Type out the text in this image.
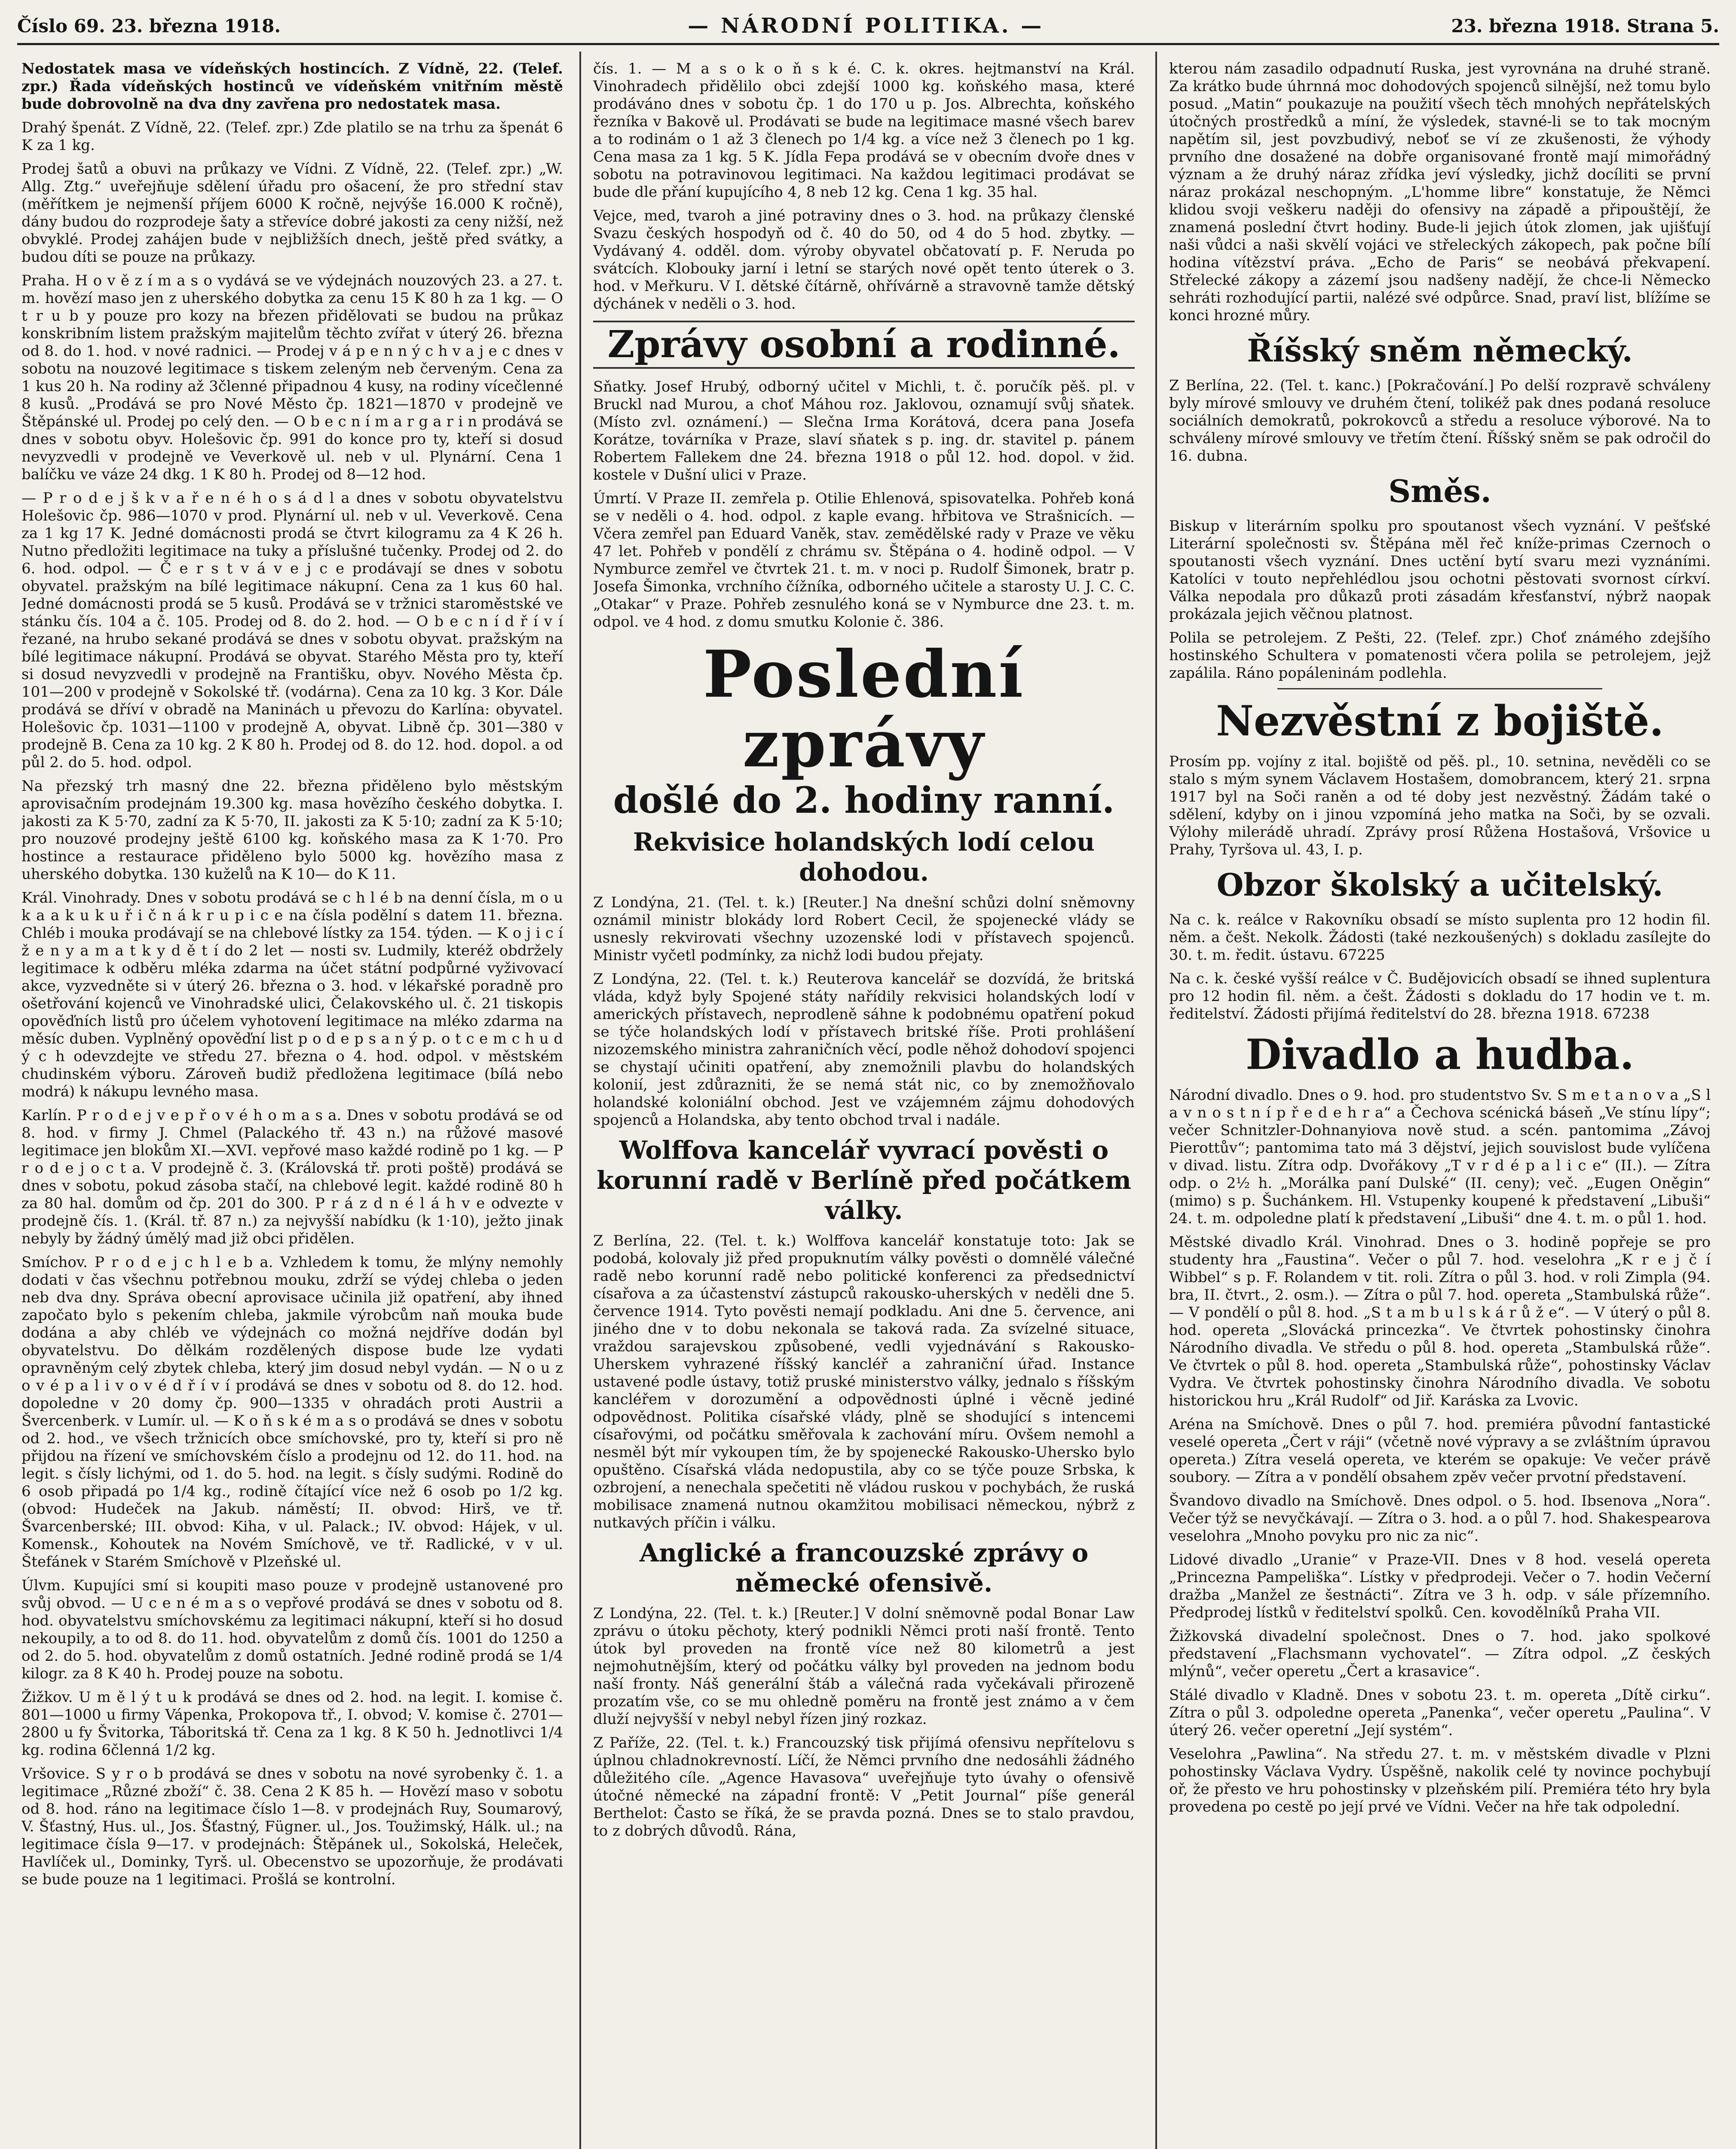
Číslo 69. 23. března 1918.	— NÁRODNÍ POLITIKA. —	23. března 1918. Strana 5.

Nedostatek masa ve vídeňských hostincích. Z Vídně, 22. (Telef. zpr.) Řada vídeňských hostinců ve vídeňském vnitřním městě bude dobrovolně na dva dny zavřena pro nedostatek masa.

Drahý špenát. Z Vídně, 22. (Telef. zpr.) Zde platilo se na trhu za špenát 6 K za 1 kg.

Prodej šatů a obuvi na průkazy ve Vídni. Z Vídně, 22. (Telef. zpr.) „W. Allg. Ztg.“ uveřejňuje sdělení úřadu pro ošacení, že pro střední stav (měřítkem je nejmenší příjem 6000 K ročně, nejvýše 16.000 K ročně), dány budou do rozprodeje šaty a střevíce dobré jakosti za ceny nižší, než obvyklé. Prodej zahájen bude v nejbližších dnech, ještě před svátky, a budou díti se pouze na průkazy.

Praha. H o v ě z í m a s o vydává se ve výdejnách nouzových 23. a 27. t. m. hovězí maso jen z uherského dobytka za cenu 15 K 80 h za 1 kg. — O t r u b y pouze pro kozy na březen přidělovati se budou na průkaz konskribním listem pražským majitelům těchto zvířat v úterý 26. března od 8. do 1. hod. v nové radnici. — Prodej v á p e n n ý c h v a j e c dnes v sobotu na nouzové legitimace s tiskem zeleným neb červeným. Cena za 1 kus 20 h. Na rodiny až 3členné připadnou 4 kusy, na rodiny vícečlenné 8 kusů. „Prodává se pro Nové Město čp. 1821—1870 v prodejně ve Štěpánské ul. Prodej po celý den. — O b e c n í m a r g a r i n prodává se dnes v sobotu obyv. Holešovic čp. 991 do konce pro ty, kteří si dosud nevyzvedli v prodejně ve Veverkově ul. neb v ul. Plynární. Cena 1 balíčku ve váze 24 dkg. 1 K 80 h. Prodej od 8—12 hod.

— P r o d e j š k v a ř e n é h o s á d l a dnes v sobotu obyvatelstvu Holešovic čp. 986—1070 v prod. Plynární ul. neb v ul. Veverkově. Cena za 1 kg 17 K. Jedné domácnosti prodá se čtvrt kilogramu za 4 K 26 h. Nutno předložiti legitimace na tuky a příslušné tučenky. Prodej od 2. do 6. hod. odpol. — Č e r s t v á v e j c e prodávají se dnes v sobotu obyvatel. pražským na bílé legitimace nákupní. Cena za 1 kus 60 hal. Jedné domácnosti prodá se 5 kusů. Prodává se v tržnici staroměstské ve stánku čís. 104 a č. 105. Prodej od 8. do 2. hod. — O b e c n í d ř í v í řezané, na hrubo sekané prodává se dnes v sobotu obyvat. pražským na bílé legitimace nákupní. Prodává se obyvat. Starého Města pro ty, kteří si dosud nevyzvedli v prodejně na Františku, obyv. Nového Města čp. 101—200 v prodejně v Sokolské tř. (vodárna). Cena za 10 kg. 3 Kor. Dále prodává se dříví v obradě na Maninách u převozu do Karlína: obyvatel. Holešovic čp. 1031—1100 v prodejně A, obyvat. Libně čp. 301—380 v prodejně B. Cena za 10 kg. 2 K 80 h. Prodej od 8. do 12. hod. dopol. a od půl 2. do 5. hod. odpol.

Na přezský trh masný dne 22. března přiděleno bylo městským aprovisačním prodejnám 19.300 kg. masa hovězího českého dobytka. I. jakosti za K 5·70, zadní za K 5·70, II. jakosti za K 5·10; zadní za K 5·10; pro nouzové prodejny ještě 6100 kg. koňského masa za K 1·70. Pro hostince a restaurace přiděleno bylo 5000 kg. hovězího masa z uherského dobytka. 130 kuželů na K 10— do K 11.

Král. Vinohrady. Dnes v sobotu prodává se c h l é b na denní čísla, m o u k a a k u k u ř i č n á k r u p i c e na čísla podělní s datem 11. března. Chléb i mouka prodávají se na chlebové lístky za 154. týden. — K o j i c í ž e n y a m a t k y d ě t í do 2 let — nosti sv. Ludmily, kteréž obdržely legitimace k odběru mléka zdarma na účet státní podpůrné vyživovací akce, vyzvedněte si v úterý 26. března o 3. hod. v lékařské poradně pro ošetřování kojenců ve Vinohradské ulici, Čelakovského ul. č. 21 tiskopis opověďních listů pro účelem vyhotovení legitimace na mléko zdarma na měsíc duben. Vyplněný opověďní list p o d e p s a n ý p. o t c e m c h u d ý c h odevzdejte ve středu 27. března o 4. hod. odpol. v městském chudinském výboru. Zároveň budiž předložena legitimace (bílá nebo modrá) k nákupu levného masa.

Karlín. P r o d e j v e p ř o v é h o m a s a. Dnes v sobotu prodává se od 8. hod. v firmy J. Chmel (Palackého tř. 43 n.) na růžové masové legitimace jen blokům XI.—XVI. vepřové maso každé rodině po 1 kg. — P r o d e j o c t a. V prodejně č. 3. (Královská tř. proti poště) prodává se dnes v sobotu, pokud zásoba stačí, na chlebové legit. každé rodině 80 h za 80 hal. domům od čp. 201 do 300. P r á z d n é l á h v e odvezte v prodejně čís. 1. (Král. tř. 87 n.) za nejvyšší nabídku (k 1·10), ježto jinak nebyly by žádný úmělý mad již obci přidělen.

Smíchov. P r o d e j c h l e b a. Vzhledem k tomu, že mlýny nemohly dodati v čas všechnu potřebnou mouku, zdrží se výdej chleba o jeden neb dva dny. Správa obecní aprovisace učinila již opatření, aby ihned započato bylo s pekením chleba, jakmile výrobcům naň mouka bude dodána a aby chléb ve výdejnách co možná nejdříve dodán byl obyvatelstvu. Do dělkám rozdělených dispose bude lze vydati opravněným celý zbytek chleba, který jim dosud nebyl vydán. — N o u z o v é p a l i v o v é d ř í v í prodává se dnes v sobotu od 8. do 12. hod. dopoledne v 20 domy čp. 900—1335 v ohradách proti Austrii a Švercenberk. v Lumír. ul. — K o ň s k é m a s o prodává se dnes v sobotu od 2. hod., ve všech tržnicích obce smíchovské, pro ty, kteří si pro ně přijdou na řízení ve smíchovském číslo a prodejnu od 12. do 11. hod. na legit. s čísly lichými, od 1. do 5. hod. na legit. s čísly sudými. Rodině do 6 osob připadá po 1/4 kg., rodině čítající více než 6 osob po 1/2 kg. (obvod: Hudeček na Jakub. náměstí; II. obvod: Hirš, ve tř. Švarcenberské; III. obvod: Kiha, v ul. Palack.; IV. obvod: Hájek, v ul. Komensk., Kohoutek na Novém Smíchově, ve tř. Radlické, v v ul. Štefánek v Starém Smíchově v Plzeňské ul.

Úlvm. Kupujíci smí si koupiti maso pouze v prodejně ustanovené pro svůj obvod. — U c e n é m a s o vepřové prodává se dnes v sobotu od 8. hod. obyvatelstvu smíchovskému za legitimaci nákupní, kteří si ho dosud nekoupily, a to od 8. do 11. hod. obyvatelům z domů čís. 1001 do 1250 a od 2. do 5. hod. obyvatelům z domů ostatních. Jedné rodině prodá se 1/4 kilogr. za 8 K 40 h. Prodej pouze na sobotu.

Žižkov. U m ě l ý t u k prodává se dnes od 2. hod. na legit. I. komise č. 801—1000 u firmy Vápenka, Prokopova tř., I. obvod; V. komise č. 2701—2800 u fy Švitorka, Táboritská tř. Cena za 1 kg. 8 K 50 h. Jednotlivci 1/4 kg. rodina 6členná 1/2 kg.

Vršovice. S y r o b prodává se dnes v sobotu na nové syrobenky č. 1. a legitimace „Různé zboží“ č. 38. Cena 2 K 85 h. — Hovězí maso v sobotu od 8. hod. ráno na legitimace číslo 1—8. v prodejnách Ruy, Soumarový, V. Šťastný, Hus. ul., Jos. Šťastný, Fügner. ul., Jos. Toužimský, Hálk. ul.; na legitimace čísla 9—17. v prodejnách: Štěpánek ul., Sokolská, Heleček, Havlíček ul., Dominky, Tyrš. ul. Obecenstvo se upozorňuje, že prodávati se bude pouze na 1 legitimaci. Prošlá se kontrolní.

čís. 1. — M a s o k o ň s k é. C. k. okres. hejtmanství na Král. Vinohradech přidělilo obci zdejší 1000 kg. koňského masa, které prodáváno dnes v sobotu čp. 1 do 170 u p. Jos. Albrechta, koňského řezníka v Bakově ul. Prodávati se bude na legitimace masné všech barev a to rodinám o 1 až 3 členech po 1/4 kg. a více než 3 členech po 1 kg. Cena masa za 1 kg. 5 K. Jídla Fepa prodává se v obecním dvoře dnes v sobotu na potravinovou legitimaci. Na každou legitimaci prodávat se bude dle přání kupujícího 4, 8 neb 12 kg. Cena 1 kg. 35 hal.

Vejce, med, tvaroh a jiné potraviny dnes o 3. hod. na průkazy členské Svazu českých hospodyň od č. 40 do 50, od 4 do 5 hod. zbytky. — Vydávaný 4. odděl. dom. výroby obyvatel občatovatí p. F. Neruda po svátcích. Klobouky jarní i letní se starých nové opět tento úterek o 3. hod. v Meřkuru. V I. dětské čítárně, ohřívárně a stravovně tamže dětský dýchánek v neděli o 3. hod.

Zprávy osobní a rodinné.

Sňatky. Josef Hrubý, odborný učitel v Michli, t. č. poručík pěš. pl. v Bruckl nad Murou, a choť Máhou roz. Jaklovou, oznamují svůj sňatek. (Místo zvl. oznámení.) — Slečna Irma Korátová, dcera pana Josefa Korátze, továrníka v Praze, slaví sňatek s p. ing. dr. stavitel p. pánem Robertem Fallekem dne 24. března 1918 o půl 12. hod. dopol. v žid. kostele v Dušní ulici v Praze.

Úmrtí. V Praze II. zemřela p. Otilie Ehlenová, spisovatelka. Pohřeb koná se v neděli o 4. hod. odpol. z kaple evang. hřbitova ve Strašnicích. — Včera zemřel pan Eduard Vaněk, stav. zemědělské rady v Praze ve věku 47 let. Pohřeb v pondělí z chrámu sv. Štěpána o 4. hodině odpol. — V Nymburce zemřel ve čtvrtek 21. t. m. v noci p. Rudolf Šimonek, bratr p. Josefa Šimonka, vrchního čížníka, odborného učitele a starosty U. J. C. C. „Otakar“ v Praze. Pohřeb zesnulého koná se v Nymburce dne 23. t. m. odpol. ve 4 hod. z domu smutku Kolonie č. 386.

Poslední zprávy
došlé do 2. hodiny ranní.
Rekvisice holandských lodí celou dohodou.

Z Londýna, 21. (Tel. t. k.) [Reuter.] Na dnešní schůzi dolní sněmovny oznámil ministr blokády lord Robert Cecil, že spojenecké vlády se usnesly rekvirovati všechny uzozenské lodi v přístavech spojenců. Ministr vyčetl podmínky, za nichž lodi budou přejaty.

Z Londýna, 22. (Tel. t. k.) Reuterova kancelář se dozvídá, že britská vláda, když byly Spojené státy nařídily rekvisici holandských lodí v amerických přístavech, neprodleně sáhne k podobnému opatření pokud se týče holandských lodí v přístavech britské říše. Proti prohlášení nizozemského ministra zahraničních věcí, podle něhož dohodoví spojenci se chystají učiniti opatření, aby znemožnili plavbu do holandských kolonií, jest zdůrazniti, že se nemá stát nic, co by znemožňovalo holandské koloniální obchod. Jest ve vzájemném zájmu dohodových spojenců a Holandska, aby tento obchod trval i nadále.

Wolffova kancelář vyvrací pověsti o korunní radě v Berlíně před počátkem války.

Z Berlína, 22. (Tel. t. k.) Wolffova kancelář konstatuje toto: Jak se podobá, kolovaly již před propuknutím války pověsti o domnělé válečné radě nebo korunní radě nebo politické konferenci za předsednictví císařova a za účastenství zástupců rakousko-uherských v neděli dne 5. července 1914. Tyto pověsti nemají podkladu. Ani dne 5. července, ani jiného dne v to dobu nekonala se taková rada. Za svízelné situace, vraždou sarajevskou způsobené, vedli vyjednávání s Rakousko-Uherskem vyhrazené říšský kancléř a zahraniční úřad. Instance ustavené podle ústavy, totiž pruské ministerstvo války, jednalo s říšským kancléřem v dorozumění a odpovědnosti úplné i věcně jediné odpovědnost. Politika císařské vlády, plně se shodující s intencemi císařovými, od počátku směřovala k zachování míru. Ovšem nemohl a nesměl být mír vykoupen tím, že by spojenecké Rakousko-Uhersko bylo opuštěno. Císařská vláda nedopustila, aby co se týče pouze Srbska, k ozbrojení, a nenechala spečetiti ně vládou ruskou v pochybách, že ruská mobilisace znamená nutnou okamžitou mobilisaci německou, nýbrž z nutkavých příčin i válku.

Anglické a francouzské zprávy o německé ofensivě.

Z Londýna, 22. (Tel. t. k.) [Reuter.] V dolní sněmovně podal Bonar Law zprávu o útoku pěchoty, který podnikli Němci proti naší frontě. Tento útok byl proveden na frontě více než 80 kilometrů a jest nejmohutnějším, který od počátku války byl proveden na jednom bodu naší fronty. Náš generální štáb a válečná rada vyčekávali přirozeně prozatím vše, co se mu ohledně poměru na frontě jest známo a v čem dluží nejvyšší v nebyl nebyl řízen jiný rozkaz.

Z Paříže, 22. (Tel. t. k.) Francouzský tisk přijímá ofensivu nepřítelovu s úplnou chladnokrevností. Líčí, že Němci prvního dne nedosáhli žádného důležitého cíle. „Agence Havasova“ uveřejňuje tyto úvahy o ofensivě útočné německé na západní frontě: V „Petit Journal“ píše generál Berthelot: Často se říká, že se pravda pozná. Dnes se to stalo pravdou, to z dobrých důvodů. Rána,

kterou nám zasadilo odpadnutí Ruska, jest vyrovnána na druhé straně. Za krátko bude úhrnná moc dohodových spojenců silnější, než tomu bylo posud. „Matin“ poukazuje na použití všech těch mnohých nepřátelských útočných prostředků a míní, že výsledek, stavné-li se to tak mocným napětím sil, jest povzbudivý, neboť se ví ze zkušenosti, že výhody prvního dne dosažené na dobře organisované frontě mají mimořádný význam a že druhý náraz zřídka jeví výsledky, jichž docíliti se první náraz prokázal neschopným. „L'homme libre“ konstatuje, že Němci klidou svoji veškeru naději do ofensivy na západě a připouštějí, že znamená poslední čtvrt hodiny. Bude-li jejich útok zlomen, jak ujišťují naši vůdci a naši skvělí vojáci ve střeleckých zákopech, pak počne bílí hodina vítězství práva. „Echo de Paris“ se neobává překvapení. Střelecké zákopy a zázemí jsou nadšeny nadějí, že chce-li Německo sehráti rozhodující partii, nalézé své odpůrce. Snad, praví list, blížíme se konci hrozné můry.

Říšský sněm německý.

Z Berlína, 22. (Tel. t. kanc.) [Pokračování.] Po delší rozpravě schváleny byly mírové smlouvy ve druhém čtení, tolikéž pak dnes podaná resoluce sociálních demokratů, pokrokovců a středu a resoluce výborové. Na to schváleny mírové smlouvy ve třetím čtení. Říšský sněm se pak odročil do 16. dubna.

Směs.

Biskup v literárním spolku pro spoutanost všech vyznání. V pešťské Literární společnosti sv. Štěpána měl řeč kníže-primas Czernoch o spoutanosti všech vyznání. Dnes uctění bytí svaru mezi vyznáními. Katolíci v touto nepřehlédlou jsou ochotni pěstovati svornost církví. Válka nepodala pro důkazů proti zásadám křesťanství, nýbrž naopak prokázala jejich věčnou platnost.

Polila se petrolejem. Z Pešti, 22. (Telef. zpr.) Choť známého zdejšího hostinského Schultera v pomatenosti včera polila se petrolejem, jejž zapálila. Ráno popáleninám podlehla.

Nezvěstní z bojiště.

Prosím pp. vojíny z ital. bojiště od pěš. pl., 10. setnina, nevěděli co se stalo s mým synem Václavem Hostašem, domobrancem, který 21. srpna 1917 byl na Soči raněn a od té doby jest nezvěstný. Žádám také o sdělení, kdyby on i jinou vzpomíná jeho matka na Soči, by se ozvali. Výlohy milerádě uhradí. Zprávy prosí Růžena Hostašová, Vršovice u Prahy, Tyršova ul. 43, I. p.

Obzor školský a učitelský.

Na c. k. reálce v Rakovníku obsadí se místo suplenta pro 12 hodin fil. něm. a češt. Nekolk. Žádosti (také nezkoušených) s dokladu zasílejte do 30. t. m. ředit. ústavu. 67225

Na c. k. české vyšší reálce v Č. Budějovicích obsadí se ihned suplentura pro 12 hodin fil. něm. a češt. Žádosti s dokladu do 17 hodin ve t. m. ředitelství. Žádosti přijímá ředitelství do 28. března 1918. 67238

Divadlo a hudba.

Národní divadlo. Dnes o 9. hod. pro studentstvo Sv. S m e t a n o v a „S l a v n o s t n í p ř e d e h r a“ a Čechova scénická báseň „Ve stínu lípy“; večer Schnitzler-Dohnanyiova nově stud. a scén. pantomima „Závoj Pierottův“; pantomima tato má 3 dějství, jejich souvislost bude vylíčena v divad. listu. Zítra odp. Dvořákovy „T v r d é p a l i c e“ (II.). — Zítra odp. o 2½ h. „Morálka paní Dulské“ (II. ceny); več. „Eugen Oněgin“ (mimo) s p. Šuchánkem. Hl. Vstupenky koupené k představení „Libuši“ 24. t. m. odpoledne platí k představení „Libuši“ dne 4. t. m. o půl 1. hod.

Městské divadlo Král. Vinohrad. Dnes o 3. hodině popřeje se pro studenty hra „Faustina“. Večer o půl 7. hod. veselohra „K r e j č í Wibbel“ s p. F. Rolandem v tit. roli. Zítra o půl 3. hod. v roli Zimpla (94. bra, II. čtvrt., 2. osm.). — Zítra o půl 7. hod. opereta „Stambulská růže“. — V pondělí o půl 8. hod. „S t a m b u l s k á r ů ž e“. — V úterý o půl 8. hod. opereta „Slovácká princezka“. Ve čtvrtek pohostinsky činohra Národního divadla. Ve středu o půl 8. hod. opereta „Stambulská růže“. Ve čtvrtek o půl 8. hod. opereta „Stambulská růže“, pohostinsky Václav Vydra. Ve čtvrtek pohostinsky činohra Národního divadla. Ve sobotu historickou hru „Král Rudolf“ od Jiř. Karáska za Lvovic.

Aréna na Smíchově. Dnes o půl 7. hod. premiéra původní fantastické veselé opereta „Čert v ráji“ (včetně nové výpravy a se zvláštním úpravou opereta.) Zítra veselá opereta, ve kterém se opakuje: Ve večer právě soubory. — Zítra a v pondělí obsahem zpěv večer prvotní představení.

Švandovo divadlo na Smíchově. Dnes odpol. o 5. hod. Ibsenova „Nora“. Večer týž se nevyčkávají. — Zítra o 3. hod. a o půl 7. hod. Shakespearova veselohra „Mnoho povyku pro nic za nic“.

Lidové divadlo „Uranie“ v Praze-VII. Dnes v 8 hod. veselá opereta „Princezna Pampeliška“. Lístky v předprodeji. Večer o 7. hodin Večerní dražba „Manžel ze šestnácti“. Zítra ve 3 h. odp. v sále přízemního. Předprodej lístků v ředitelství spolků. Cen. kovodělníků Praha VII.

Žižkovská divadelní společnost. Dnes o 7. hod. jako spolkové představení „Flachsmann vychovatel“. — Zítra odpol. „Z českých mlýnů“, večer operetu „Čert a krasavice“.

Stálé divadlo v Kladně. Dnes v sobotu 23. t. m. opereta „Dítě cirku“. Zítra o půl 3. odpoledne opereta „Panenka“, večer operetu „Paulina“. V úterý 26. večer operetní „Její systém“.

Veselohra „Pawlina“. Na středu 27. t. m. v městském divadle v Plzni pohostinsky Václava Vydry. Úspěšně, nakolik celé ty novince pochybují oř, že přesto ve hru pohostinsky v plzeňském pilí. Premiéra této hry byla provedena po cestě po její prvé ve Vídni. Večer na hře tak odpolední.
